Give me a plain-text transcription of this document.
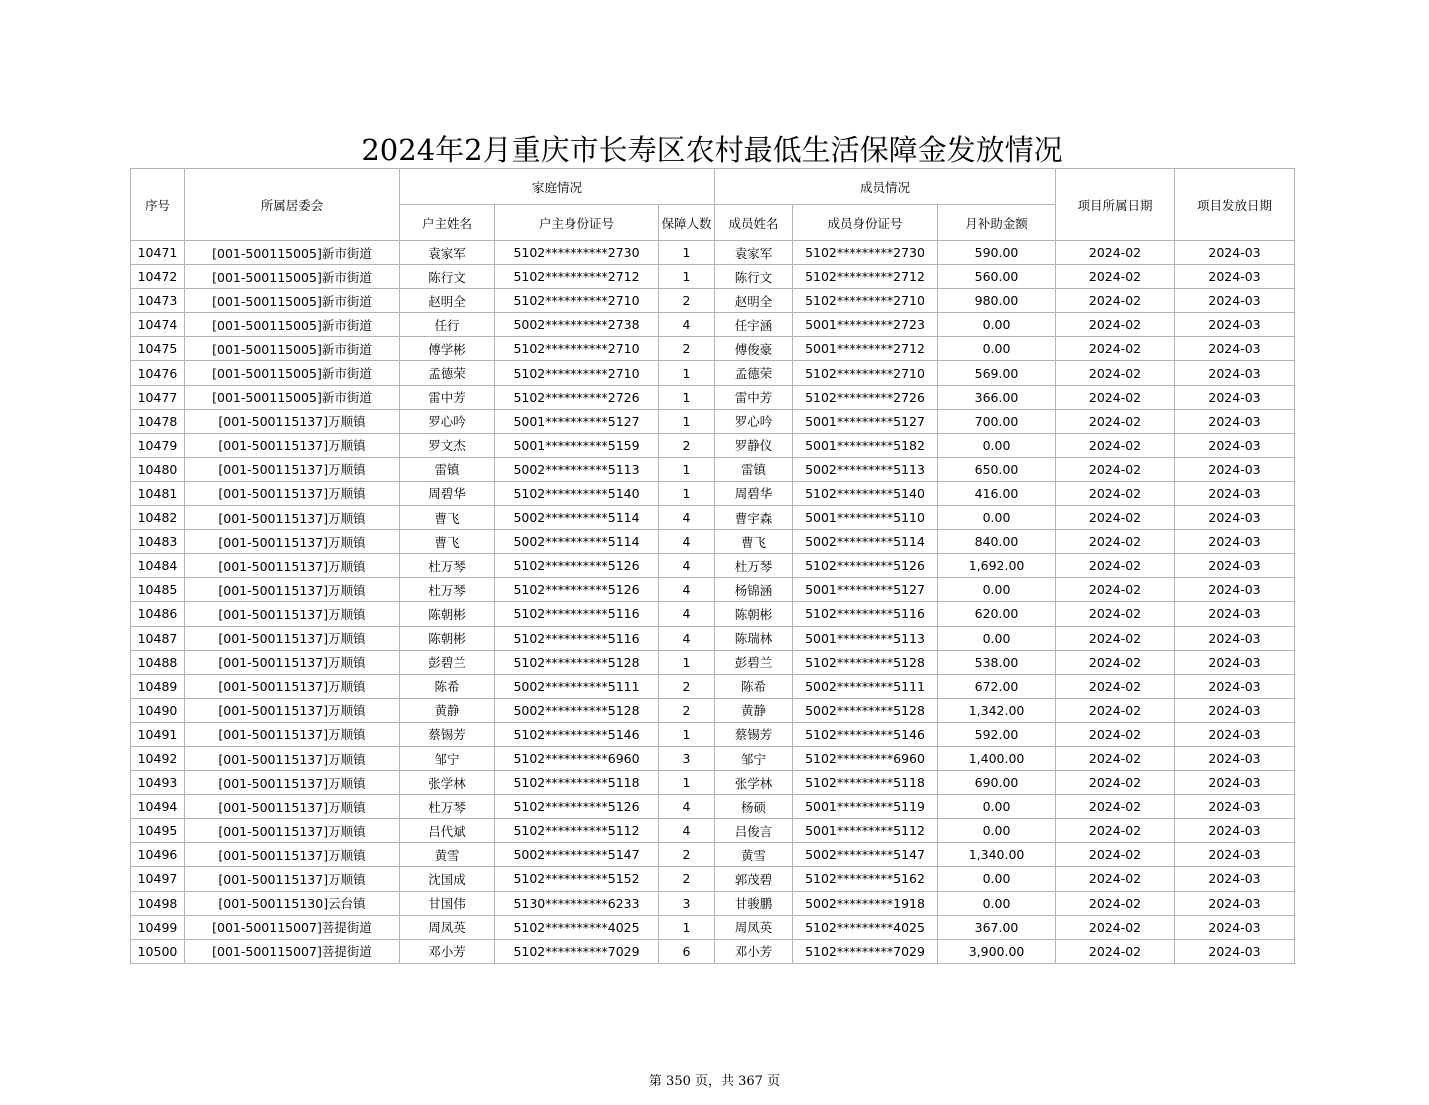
2024年2月重庆市长寿区农村最低生活保障金发放情况
序号	所属居委会	家庭情况			成员情况			项目所属日期	项目发放日期
		户主姓名	户主身份证号	保障人数	成员姓名	成员身份证号	月补助金额		
10471	[001-500115005]新市街道	袁家军	5102**********2730	1	袁家军	5102*********2730	590.00	2024-02	2024-03
10472	[001-500115005]新市街道	陈行文	5102**********2712	1	陈行文	5102*********2712	560.00	2024-02	2024-03
10473	[001-500115005]新市街道	赵明全	5102**********2710	2	赵明全	5102*********2710	980.00	2024-02	2024-03
10474	[001-500115005]新市街道	任行	5002**********2738	4	任宇涵	5001*********2723	0.00	2024-02	2024-03
10475	[001-500115005]新市街道	傅学彬	5102**********2710	2	傅俊豪	5001*********2712	0.00	2024-02	2024-03
10476	[001-500115005]新市街道	孟德荣	5102**********2710	1	孟德荣	5102*********2710	569.00	2024-02	2024-03
10477	[001-500115005]新市街道	雷中芳	5102**********2726	1	雷中芳	5102*********2726	366.00	2024-02	2024-03
10478	[001-500115137]万顺镇	罗心吟	5001**********5127	1	罗心吟	5001*********5127	700.00	2024-02	2024-03
10479	[001-500115137]万顺镇	罗文杰	5001**********5159	2	罗静仪	5001*********5182	0.00	2024-02	2024-03
10480	[001-500115137]万顺镇	雷镇	5002**********5113	1	雷镇	5002*********5113	650.00	2024-02	2024-03
10481	[001-500115137]万顺镇	周碧华	5102**********5140	1	周碧华	5102*********5140	416.00	2024-02	2024-03
10482	[001-500115137]万顺镇	曹飞	5002**********5114	4	曹宇森	5001*********5110	0.00	2024-02	2024-03
10483	[001-500115137]万顺镇	曹飞	5002**********5114	4	曹飞	5002*********5114	840.00	2024-02	2024-03
10484	[001-500115137]万顺镇	杜万琴	5102**********5126	4	杜万琴	5102*********5126	1,692.00	2024-02	2024-03
10485	[001-500115137]万顺镇	杜万琴	5102**********5126	4	杨锦涵	5001*********5127	0.00	2024-02	2024-03
10486	[001-500115137]万顺镇	陈朝彬	5102**********5116	4	陈朝彬	5102*********5116	620.00	2024-02	2024-03
10487	[001-500115137]万顺镇	陈朝彬	5102**********5116	4	陈瑞林	5001*********5113	0.00	2024-02	2024-03
10488	[001-500115137]万顺镇	彭碧兰	5102**********5128	1	彭碧兰	5102*********5128	538.00	2024-02	2024-03
10489	[001-500115137]万顺镇	陈希	5002**********5111	2	陈希	5002*********5111	672.00	2024-02	2024-03
10490	[001-500115137]万顺镇	黄静	5002**********5128	2	黄静	5002*********5128	1,342.00	2024-02	2024-03
10491	[001-500115137]万顺镇	蔡锡芳	5102**********5146	1	蔡锡芳	5102*********5146	592.00	2024-02	2024-03
10492	[001-500115137]万顺镇	邹宁	5102**********6960	3	邹宁	5102*********6960	1,400.00	2024-02	2024-03
10493	[001-500115137]万顺镇	张学林	5102**********5118	1	张学林	5102*********5118	690.00	2024-02	2024-03
10494	[001-500115137]万顺镇	杜万琴	5102**********5126	4	杨硕	5001*********5119	0.00	2024-02	2024-03
10495	[001-500115137]万顺镇	吕代斌	5102**********5112	4	吕俊言	5001*********5112	0.00	2024-02	2024-03
10496	[001-500115137]万顺镇	黄雪	5002**********5147	2	黄雪	5002*********5147	1,340.00	2024-02	2024-03
10497	[001-500115137]万顺镇	沈国成	5102**********5152	2	郭茂碧	5102*********5162	0.00	2024-02	2024-03
10498	[001-500115130]云台镇	甘国伟	5130**********6233	3	甘骏鹏	5002*********1918	0.00	2024-02	2024-03
10499	[001-500115007]菩提街道	周凤英	5102**********4025	1	周凤英	5102*********4025	367.00	2024-02	2024-03
10500	[001-500115007]菩提街道	邓小芳	5102**********7029	6	邓小芳	5102*********7029	3,900.00	2024-02	2024-03
第 350 页，共 367 页
